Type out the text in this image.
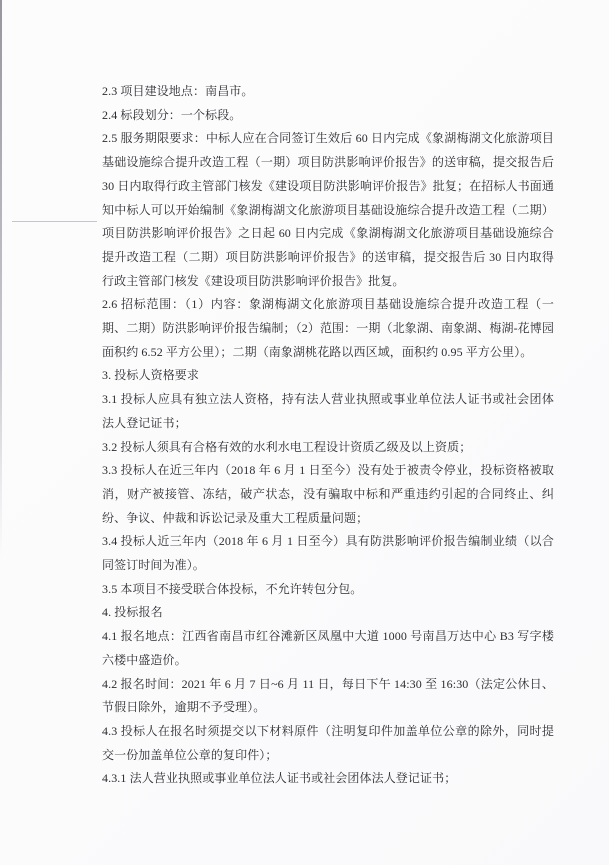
2.3 项目建设地点：南昌市。

2.4 标段划分：一个标段。

2.5 服务期限要求：中标人应在合同签订生效后 60 日内完成《象湖梅湖文化旅游项目基础设施综合提升改造工程（一期）项目防洪影响评价报告》的送审稿，提交报告后 30 日内取得行政主管部门核发《建设项目防洪影响评价报告》批复；在招标人书面通知中标人可以开始编制《象湖梅湖文化旅游项目基础设施综合提升改造工程（二期）项目防洪影响评价报告》之日起 60 日内完成《象湖梅湖文化旅游项目基础设施综合提升改造工程（二期）项目防洪影响评价报告》的送审稿，提交报告后 30 日内取得行政主管部门核发《建设项目防洪影响评价报告》批复。

2.6 招标范围：（1）内容：象湖梅湖文化旅游项目基础设施综合提升改造工程（一期、二期）防洪影响评价报告编制；（2）范围：一期（北象湖、南象湖、梅湖-花博园面积约 6.52 平方公里）；二期（南象湖桃花路以西区域，面积约 0.95 平方公里）。

3. 投标人资格要求

3.1 投标人应具有独立法人资格，持有法人营业执照或事业单位法人证书或社会团体法人登记证书；

3.2 投标人须具有合格有效的水利水电工程设计资质乙级及以上资质；

3.3 投标人在近三年内（2018 年 6 月 1 日至今）没有处于被责令停业，投标资格被取消，财产被接管、冻结，破产状态，没有骗取中标和严重违约引起的合同终止、纠纷、争议、仲裁和诉讼记录及重大工程质量问题；

3.4 投标人近三年内（2018 年 6 月 1 日至今）具有防洪影响评价报告编制业绩（以合同签订时间为准）。

3.5 本项目不接受联合体投标，不允许转包分包。

4. 投标报名

4.1 报名地点：江西省南昌市红谷滩新区凤凰中大道 1000 号南昌万达中心 B3 写字楼六楼中盛造价。

4.2 报名时间：2021 年 6 月 7 日~6 月 11 日，每日下午 14:30 至 16:30（法定公休日、节假日除外，逾期不予受理）。

4.3 投标人在报名时须提交以下材料原件（注明复印件加盖单位公章的除外，同时提交一份加盖单位公章的复印件）；

4.3.1 法人营业执照或事业单位法人证书或社会团体法人登记证书；
